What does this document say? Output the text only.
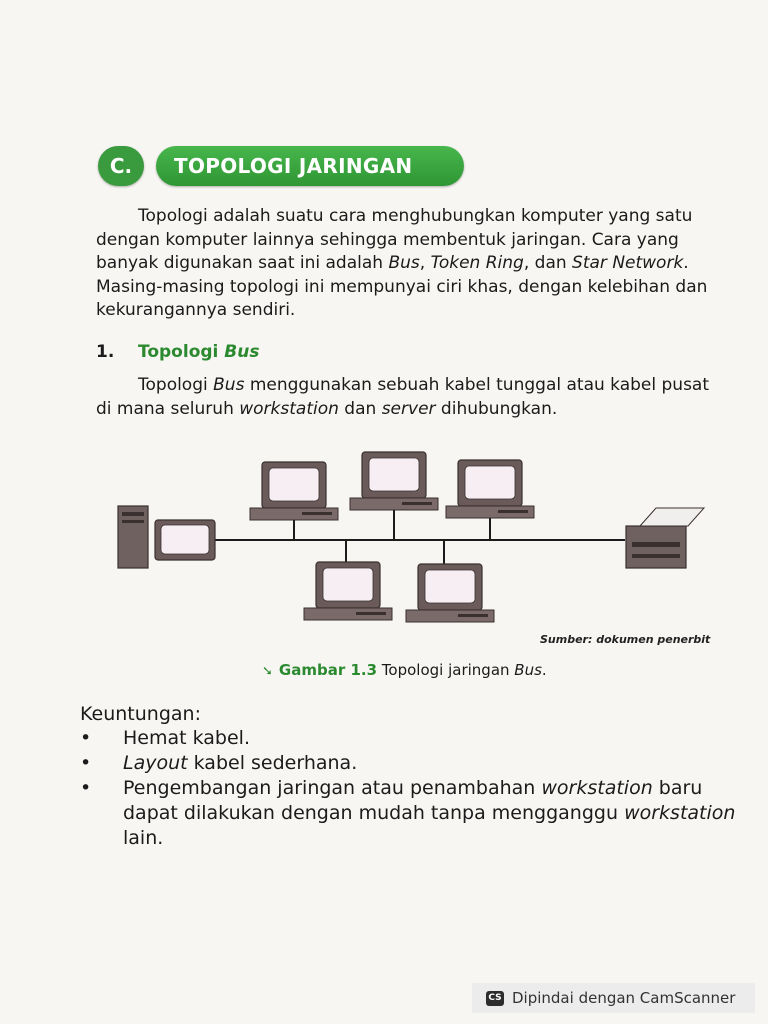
C.	TOPOLOGI JARINGAN
Topologi adalah suatu cara menghubungkan komputer yang satu dengan komputer lainnya sehingga membentuk jaringan. Cara yang banyak digunakan saat ini adalah Bus, Token Ring, dan Star Network. Masing-masing topologi ini mempunyai ciri khas, dengan kelebihan dan kekurangannya sendiri.
1. Topologi Bus
Topologi Bus menggunakan sebuah kabel tunggal atau kabel pusat di mana seluruh workstation dan server dihubungkan.
Sumber: dokumen penerbit
➘ Gambar 1.3 Topologi jaringan Bus.
Keuntungan:
• Hemat kabel.
• Layout kabel sederhana.
• Pengembangan jaringan atau penambahan workstation baru dapat dilakukan dengan mudah tanpa mengganggu workstation lain.
CS Dipindai dengan CamScanner
